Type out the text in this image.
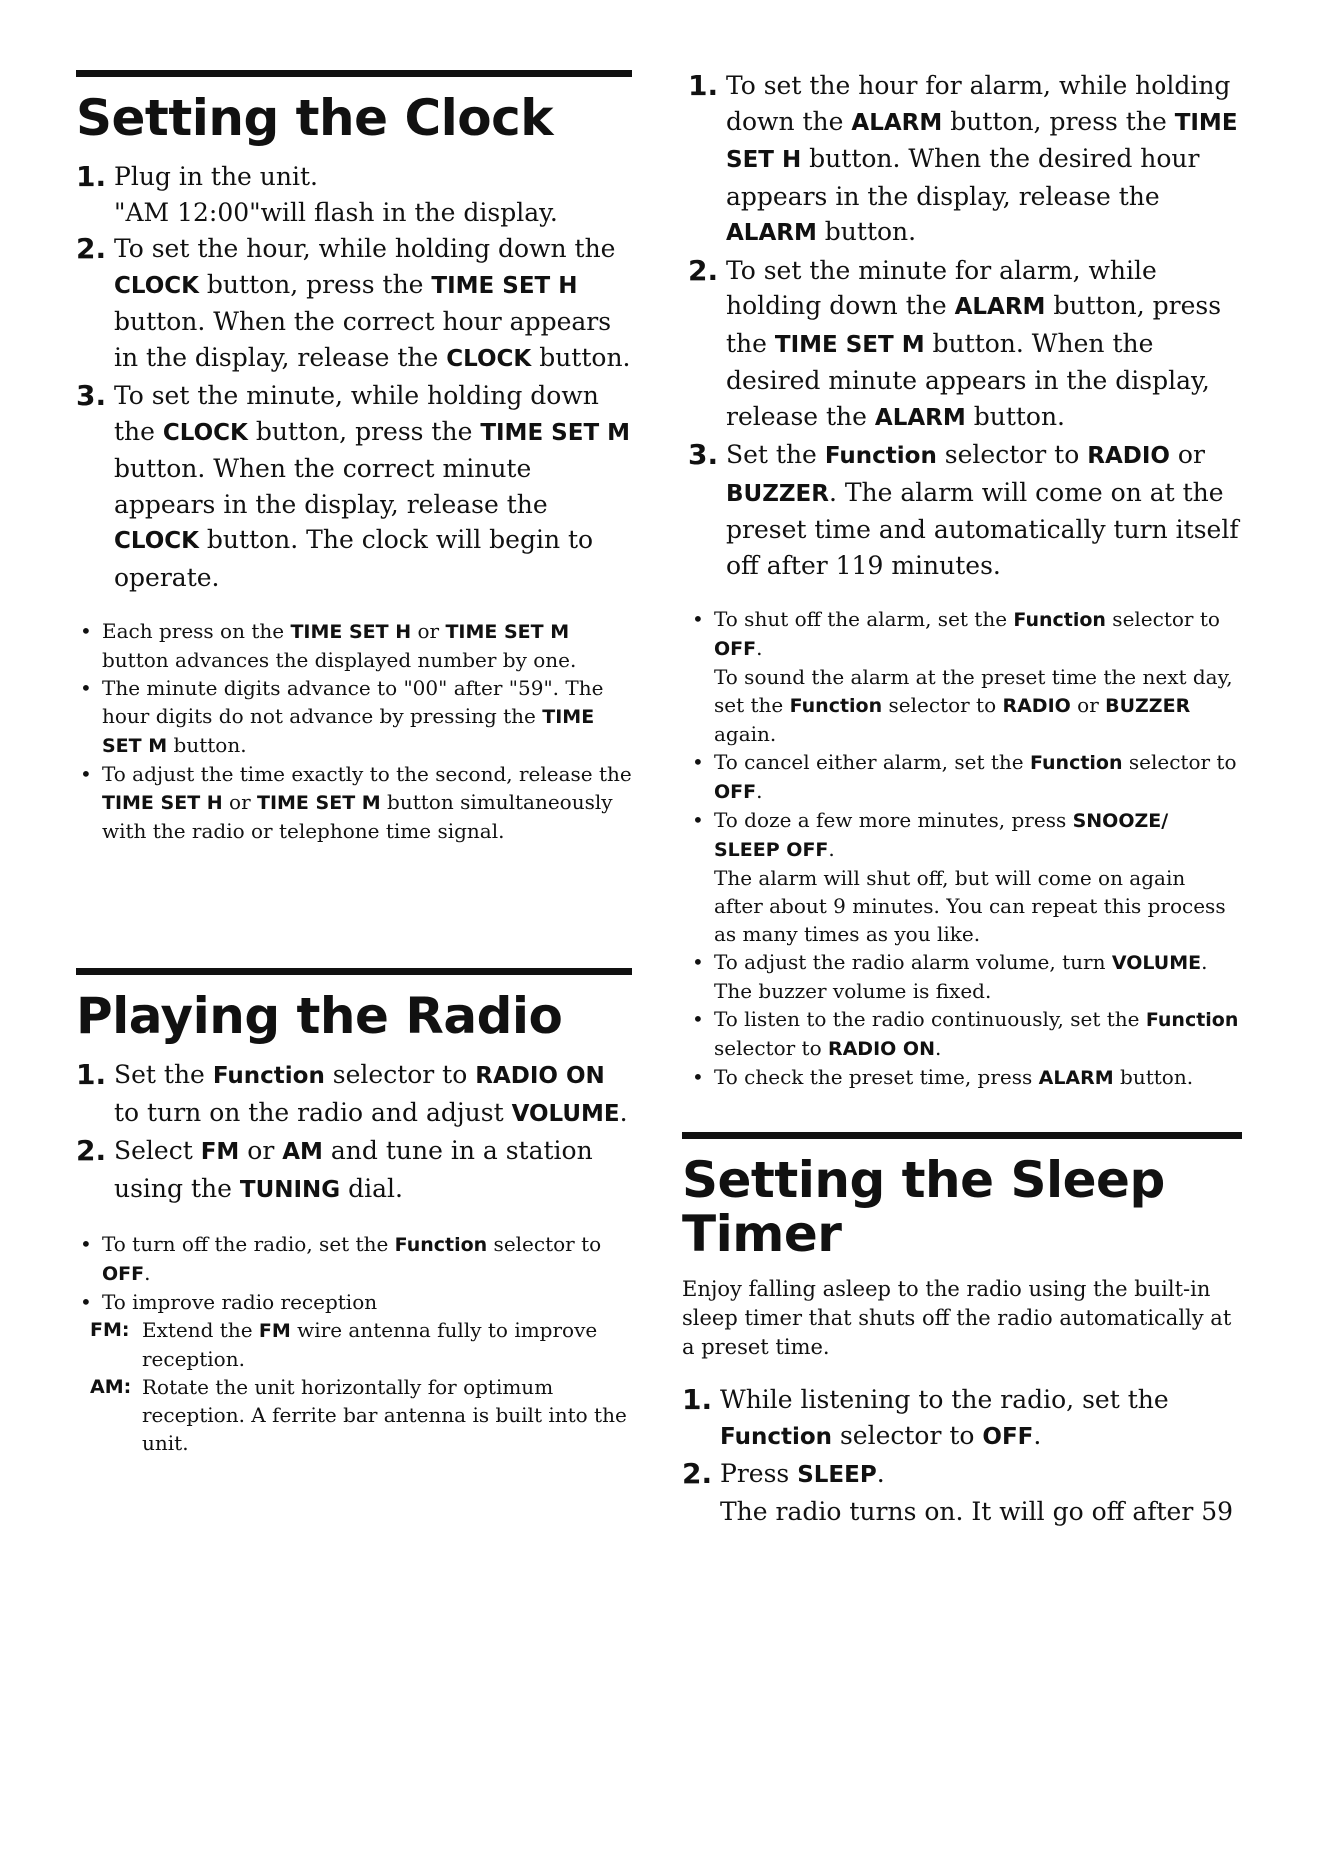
Setting the Clock
1. Plug in the unit.
"AM 12:00"will flash in the display.
2. To set the hour, while holding down the CLOCK button, press the TIME SET H button. When the correct hour appears in the display, release the CLOCK button.
3. To set the minute, while holding down the CLOCK button, press the TIME SET M button. When the correct minute appears in the display, release the CLOCK button. The clock will begin to operate.
• Each press on the TIME SET H or TIME SET M button advances the displayed number by one.
• The minute digits advance to "00" after "59". The hour digits do not advance by pressing the TIME SET M button.
• To adjust the time exactly to the second, release the TIME SET H or TIME SET M button simultaneously with the radio or telephone time signal.
Playing the Radio
1. Set the Function selector to RADIO ON to turn on the radio and adjust VOLUME.
2. Select FM or AM and tune in a station using the TUNING dial.
• To turn off the radio, set the Function selector to OFF.
• To improve radio reception
FM: Extend the FM wire antenna fully to improve reception.
AM: Rotate the unit horizontally for optimum reception. A ferrite bar antenna is built into the unit.
1. To set the hour for alarm, while holding down the ALARM button, press the TIME SET H button. When the desired hour appears in the display, release the ALARM button.
2. To set the minute for alarm, while holding down the ALARM button, press the TIME SET M button. When the desired minute appears in the display, release the ALARM button.
3. Set the Function selector to RADIO or BUZZER. The alarm will come on at the preset time and automatically turn itself off after 119 minutes.
• To shut off the alarm, set the Function selector to OFF.
To sound the alarm at the preset time the next day, set the Function selector to RADIO or BUZZER again.
• To cancel either alarm, set the Function selector to OFF.
• To doze a few more minutes, press SNOOZE/ SLEEP OFF.
The alarm will shut off, but will come on again after about 9 minutes. You can repeat this process as many times as you like.
• To adjust the radio alarm volume, turn VOLUME. The buzzer volume is fixed.
• To listen to the radio continuously, set the Function selector to RADIO ON.
• To check the preset time, press ALARM button.
Setting the Sleep Timer

Enjoy falling asleep to the radio using the built-in sleep timer that shuts off the radio automatically at a preset time.

1. While listening to the radio, set the Function selector to OFF.
2. Press SLEEP.
The radio turns on. It will go off after 59
